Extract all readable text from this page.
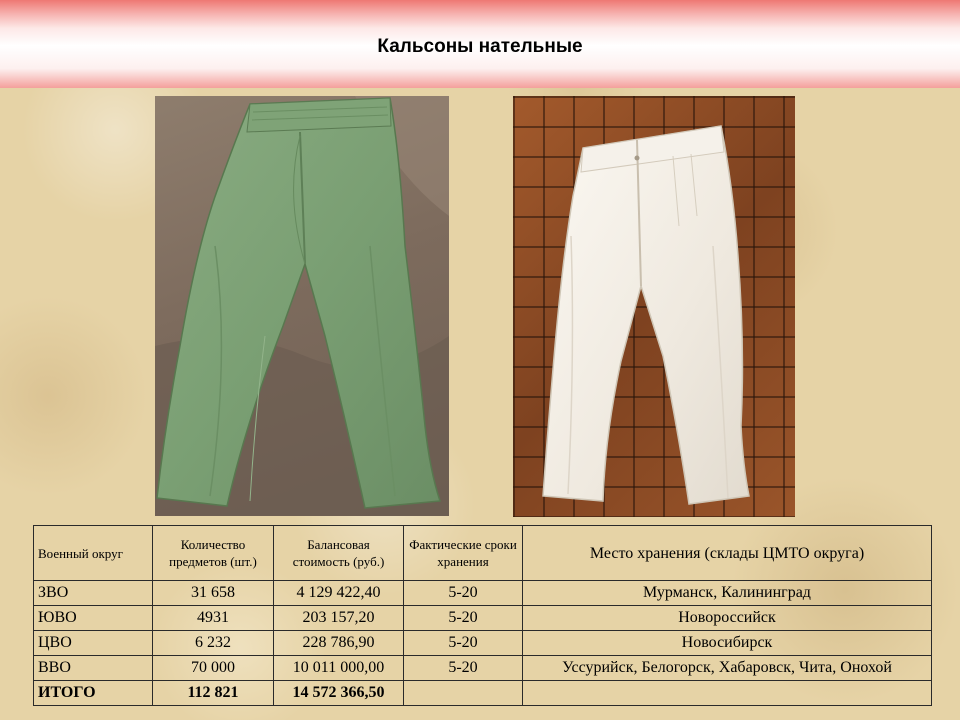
Кальсоны нательные
Военный округ	Количество предметов (шт.)	Балансовая стоимость (руб.)	Фактические сроки хранения	Место хранения (склады ЦМТО округа)
ЗВО	31 658	4 129 422,40	5-20	Мурманск, Калининград
ЮВО	4931	203 157,20	5-20	Новороссийск
ЦВО	6 232	228 786,90	5-20	Новосибирск
ВВО	70 000	10 011 000,00	5-20	Уссурийск, Белогорск, Хабаровск, Чита, Онохой
ИТОГО	112 821	14 572 366,50		
